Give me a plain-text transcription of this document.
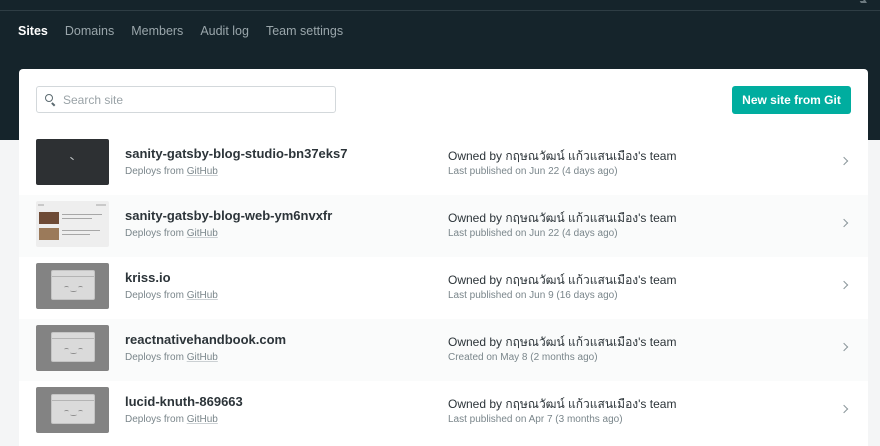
Sites Domains Members Audit log Team settings
Search site
New site from Git
sanity-gatsby-blog-studio-bn37eks7
Deploys from GitHub
Owned by กฤษณวัฒน์ แก้วแสนเมือง's team
Last published on Jun 22 (4 days ago)
sanity-gatsby-blog-web-ym6nvxfr
Deploys from GitHub
Owned by กฤษณวัฒน์ แก้วแสนเมือง's team
Last published on Jun 22 (4 days ago)
kriss.io
Deploys from GitHub
Owned by กฤษณวัฒน์ แก้วแสนเมือง's team
Last published on Jun 9 (16 days ago)
reactnativehandbook.com
Deploys from GitHub
Owned by กฤษณวัฒน์ แก้วแสนเมือง's team
Created on May 8 (2 months ago)
lucid-knuth-869663
Deploys from GitHub
Owned by กฤษณวัฒน์ แก้วแสนเมือง's team
Last published on Apr 7 (3 months ago)
